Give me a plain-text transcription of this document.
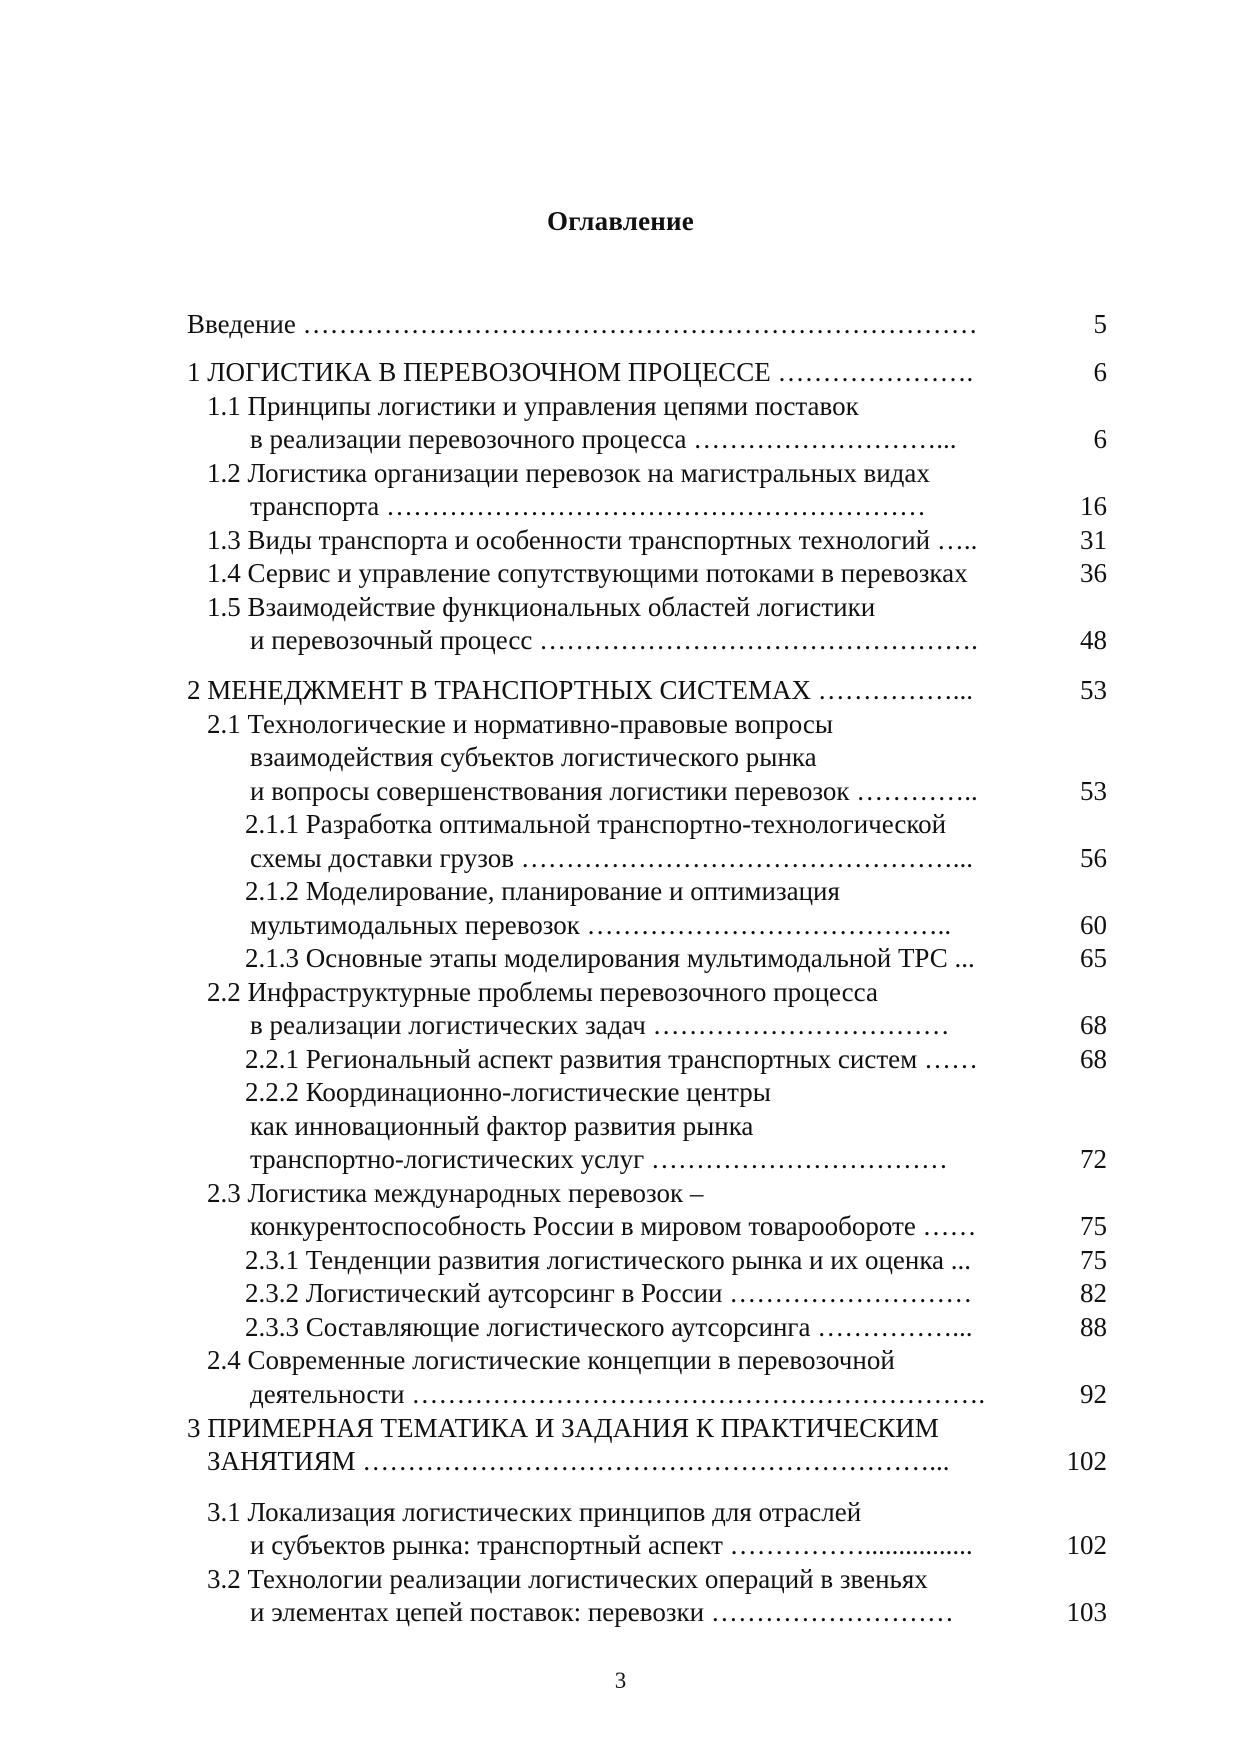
Оглавление
Введение …………………………………………………………………	5
1 ЛОГИСТИКА В ПЕРЕВОЗОЧНОМ ПРОЦЕССЕ ………………….	6
1.1 Принципы логистики и управления цепями поставок
в реализации перевозочного процесса ………………………...	6
1.2 Логистика организации перевозок на магистральных видах
транспорта ……………………………………………………	16
1.3 Виды транспорта и особенности транспортных технологий …..	31
1.4 Сервис и управление сопутствующими потоками в перевозках	36
1.5 Взаимодействие функциональных областей логистики
и перевозочный процесс ………………………………………….	48
2 МЕНЕДЖМЕНТ В ТРАНСПОРТНЫХ СИСТЕМАХ ……………...	53
2.1 Технологические и нормативно-правовые вопросы
взаимодействия субъектов логистического рынка
и вопросы совершенствования логистики перевозок …………..	53
2.1.1 Разработка оптимальной транспортно-технологической
схемы доставки грузов …………………………………………...	56
2.1.2 Моделирование, планирование и оптимизация
мультимодальных перевозок …………………………………..	60
2.1.3 Основные этапы моделирования мультимодальной ТРС ...	65
2.2 Инфраструктурные проблемы перевозочного процесса
в реализации логистических задач ……………………………	68
2.2.1 Региональный аспект развития транспортных систем ……	68
2.2.2 Координационно-логистические центры
как инновационный фактор развития рынка
транспортно-логистических услуг ……………………………	72
2.3 Логистика международных перевозок –
конкурентоспособность России в мировом товарообороте ……	75
2.3.1 Тенденции развития логистического рынка и их оценка ...	75
2.3.2 Логистический аутсорсинг в России ………………………	82
2.3.3 Составляющие логистического аутсорсинга ……………...	88
2.4 Современные логистические концепции в перевозочной
деятельности ……………………………………………………….	92
3 ПРИМЕРНАЯ ТЕМАТИКА И ЗАДАНИЯ К ПРАКТИЧЕСКИМ
ЗАНЯТИЯМ ………………………………………………………...	102
3.1 Локализация логистических принципов для отраслей
и субъектов рынка: транспортный аспект ……………................	102
3.2 Технологии реализации логистических операций в звеньях
и элементах цепей поставок: перевозки ………………………	103
3
